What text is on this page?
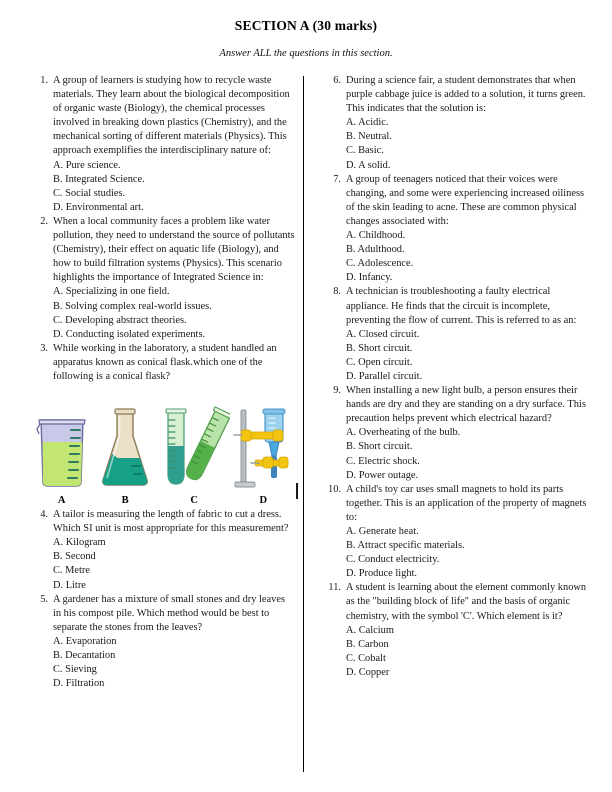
SECTION A (30 marks)

Answer ALL the questions in this section.

1. A group of learners is studying how to recycle waste materials. They learn about the biological decomposition of organic waste (Biology), the chemical processes involved in breaking down plastics (Chemistry), and the mechanical sorting of different materials (Physics). This approach exemplifies the interdisciplinary nature of:

A. Pure science.
B. Integrated Science.
C. Social studies.
D. Environmental art.
2. When a local community faces a problem like water pollution, they need to understand the source of pollutants (Chemistry), their effect on aquatic life (Biology), and how to build filtration systems (Physics). This scenario highlights the importance of Integrated Science in:

A. Specializing in one field.
B. Solving complex real-world issues.
C. Developing abstract theories.
D. Conducting isolated experiments.
3. While working in the laboratory, a student handled an apparatus known as conical flask.which one of the following is a conical flask?

A	B	C	D
4. A tailor is measuring the length of fabric to cut a dress. Which SI unit is most appropriate for this measurement?

A. Kilogram
B. Second
C. Metre
D. Litre
5. A gardener has a mixture of small stones and dry leaves in his compost pile. Which method would be best to separate the stones from the leaves?

A. Evaporation
B. Decantation
C. Sieving
D. Filtration
6. During a science fair, a student demonstrates that when purple cabbage juice is added to a solution, it turns green. This indicates that the solution is:

A. Acidic.
B. Neutral.
C. Basic.
D. A solid.
7. A group of teenagers noticed that their voices were changing, and some were experiencing increased oiliness of the skin leading to acne. These are common physical changes associated with:

A. Childhood.
B. Adulthood.
C. Adolescence.
D. Infancy.
8. A technician is troubleshooting a faulty electrical appliance. He finds that the circuit is incomplete, preventing the flow of current. This is referred to as an:

A. Closed circuit.
B. Short circuit.
C. Open circuit.
D. Parallel circuit.
9. When installing a new light bulb, a person ensures their hands are dry and they are standing on a dry surface. This precaution helps prevent which electrical hazard?

A. Overheating of the bulb.
B. Short circuit.
C. Electric shock.
D. Power outage.
10. A child's toy car uses small magnets to hold its parts together. This is an application of the property of magnets to:

A. Generate heat.
B. Attract specific materials.
C. Conduct electricity.
D. Produce light.
11. A student is learning about the element commonly known as the "building block of life" and the basis of organic chemistry, with the symbol 'C'. Which element is it?

A. Calcium
B. Carbon
C. Cobalt
D. Copper
